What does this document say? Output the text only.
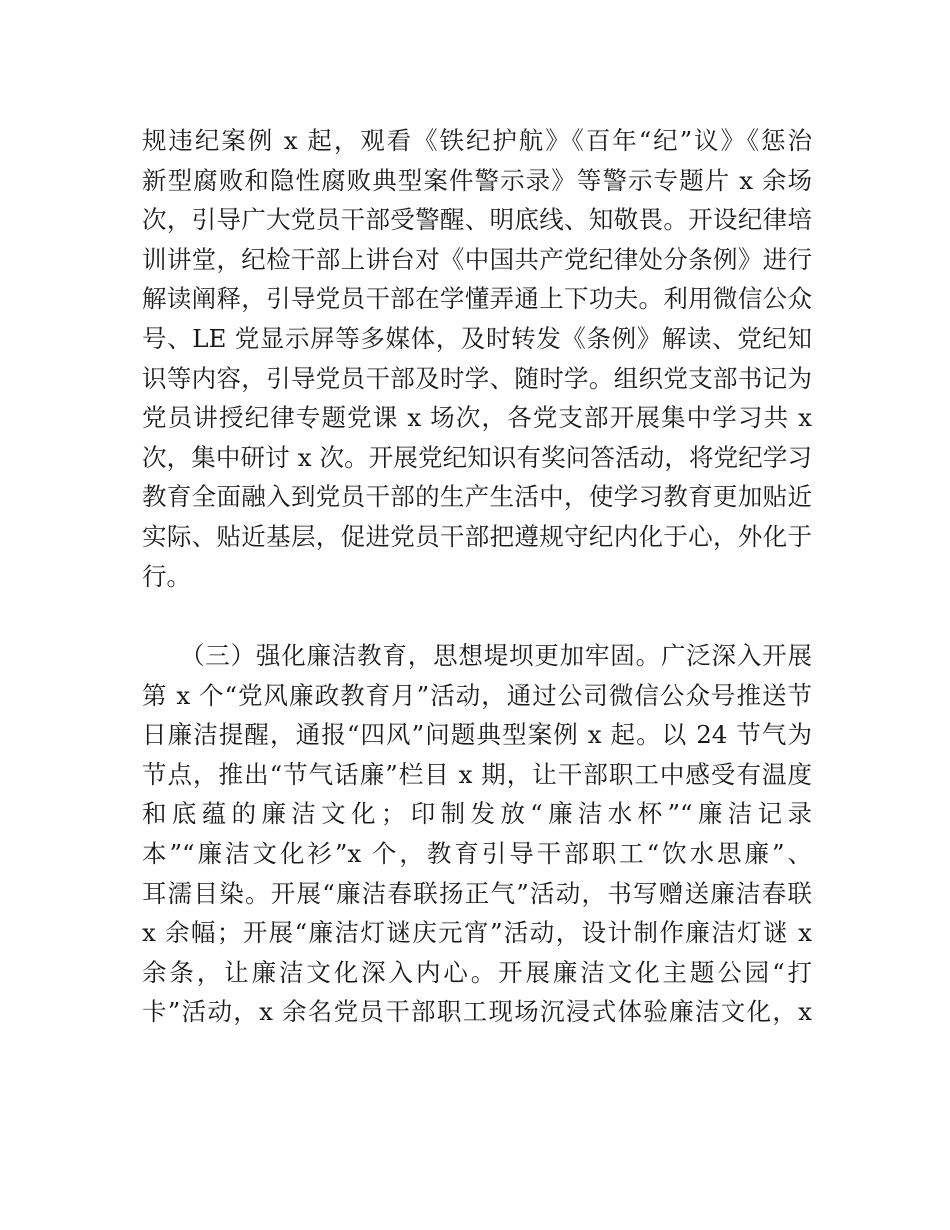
规违纪案例 x 起，观看《铁纪护航》《百年“纪”议》《惩治
新型腐败和隐性腐败典型案件警示录》等警示专题片 x 余场
次，引导广大党员干部受警醒、明底线、知敬畏。开设纪律培
训讲堂，纪检干部上讲台对《中国共产党纪律处分条例》进行
解读阐释，引导党员干部在学懂弄通上下功夫。利用微信公众
号、LE 党显示屏等多媒体，及时转发《条例》解读、党纪知
识等内容，引导党员干部及时学、随时学。组织党支部书记为
党员讲授纪律专题党课 x 场次，各党支部开展集中学习共 x
次，集中研讨 x 次。开展党纪知识有奖问答活动，将党纪学习
教育全面融入到党员干部的生产生活中，使学习教育更加贴近
实际、贴近基层，促进党员干部把遵规守纪内化于心，外化于
行。
（三）强化廉洁教育，思想堤坝更加牢固。广泛深入开展
第 x 个“党风廉政教育月”活动，通过公司微信公众号推送节
日廉洁提醒，通报“四风”问题典型案例 x 起。以 24 节气为
节点，推出“节气话廉”栏目 x 期，让干部职工中感受有温度
和底蕴的廉洁文化；印制发放“廉洁水杯”“廉洁记录
本”“廉洁文化衫”x 个，教育引导干部职工“饮水思廉”、
耳濡目染。开展“廉洁春联扬正气”活动，书写赠送廉洁春联
x 余幅；开展“廉洁灯谜庆元宵”活动，设计制作廉洁灯谜 x
余条，让廉洁文化深入内心。开展廉洁文化主题公园“打
卡”活动，x 余名党员干部职工现场沉浸式体验廉洁文化，x
